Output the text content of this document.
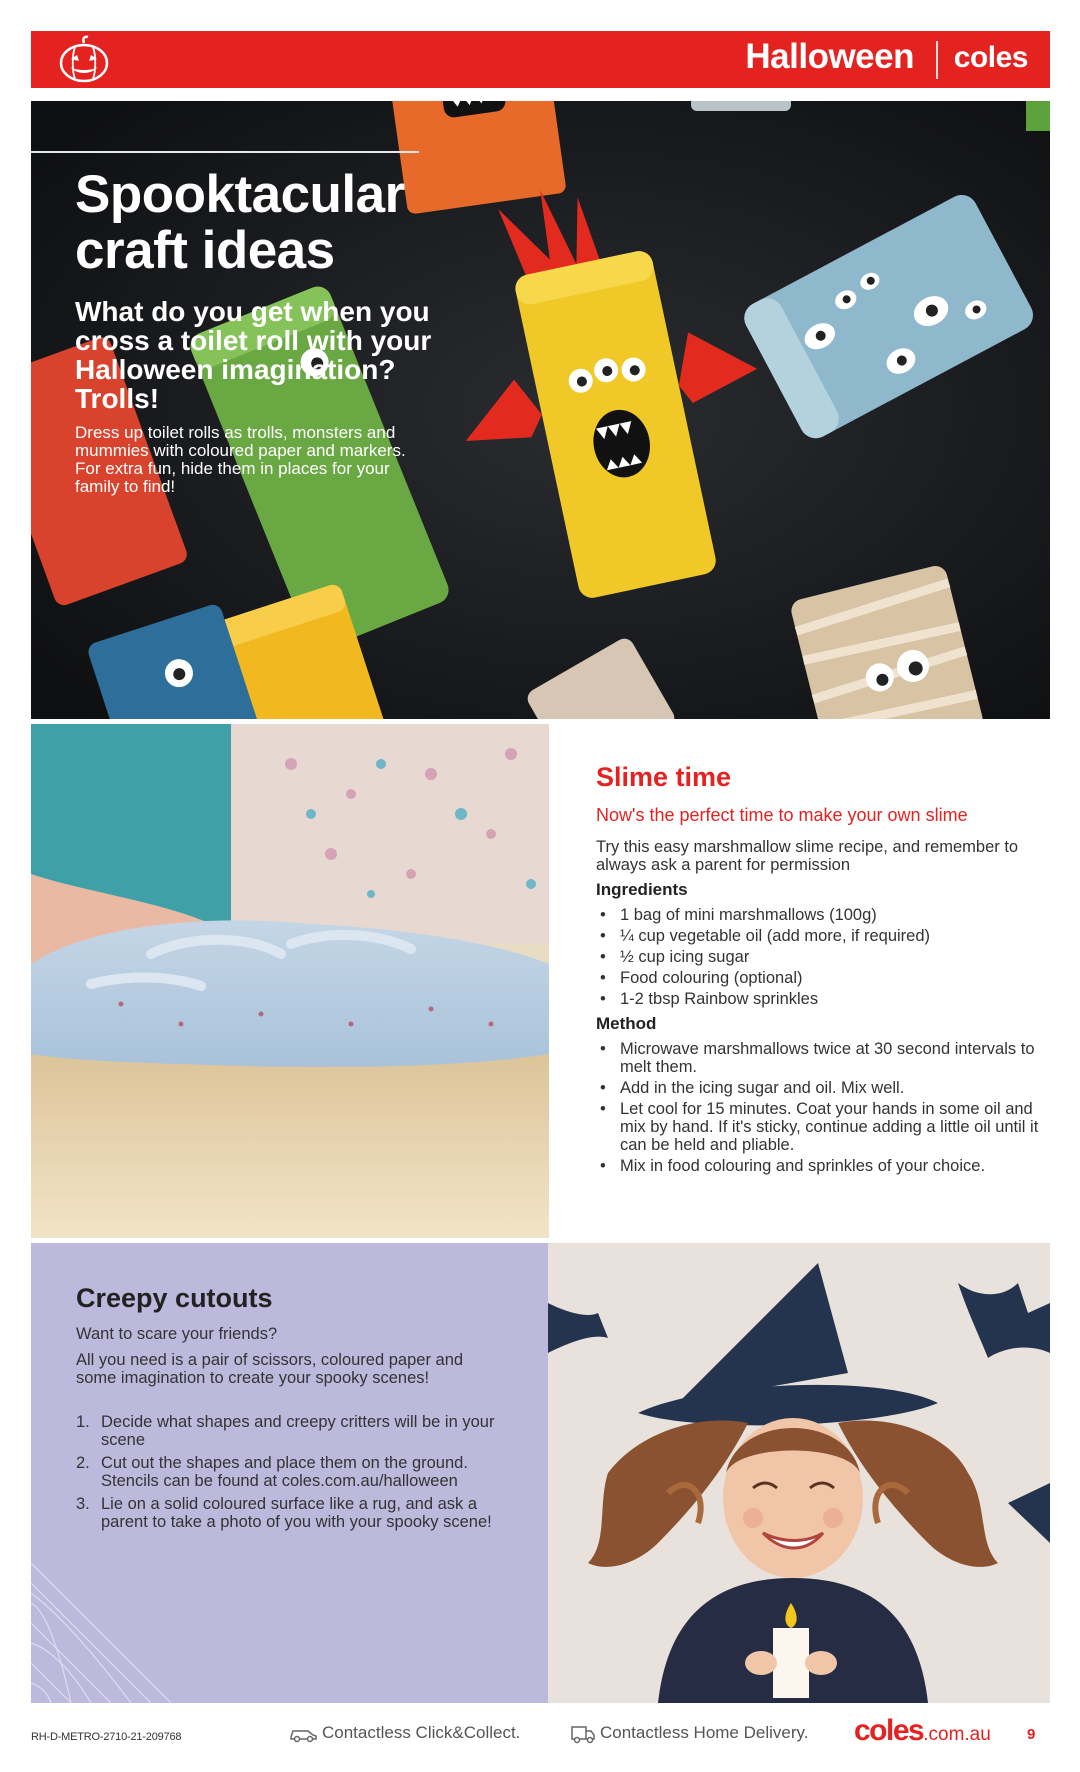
Halloween coles
Spooktacular craft ideas
What do you get when you cross a toilet roll with your Halloween imagination? Trolls!
Dress up toilet rolls as trolls, monsters and mummies with coloured paper and markers. For extra fun, hide them in places for your family to find!
Slime time
Now's the perfect time to make your own slime
Try this easy marshmallow slime recipe, and remember to always ask a parent for permission
Ingredients
• 1 bag of mini marshmallows (100g)
• ¼ cup vegetable oil (add more, if required)
• ½ cup icing sugar
• Food colouring (optional)
• 1-2 tbsp Rainbow sprinkles
Method
• Microwave marshmallows twice at 30 second intervals to melt them.
• Add in the icing sugar and oil. Mix well.
• Let cool for 15 minutes. Coat your hands in some oil and mix by hand. If it's sticky, continue adding a little oil until it can be held and pliable.
• Mix in food colouring and sprinkles of your choice.
Creepy cutouts
Want to scare your friends?
All you need is a pair of scissors, coloured paper and some imagination to create your spooky scenes!
1. Decide what shapes and creepy critters will be in your scene
2. Cut out the shapes and place them on the ground. Stencils can be found at coles.com.au/halloween
3. Lie on a solid coloured surface like a rug, and ask a parent to take a photo of you with your spooky scene!
RH-D-METRO-2710-21-209768	Contactless Click&Collect.	Contactless Home Delivery. coles.com.au 9
